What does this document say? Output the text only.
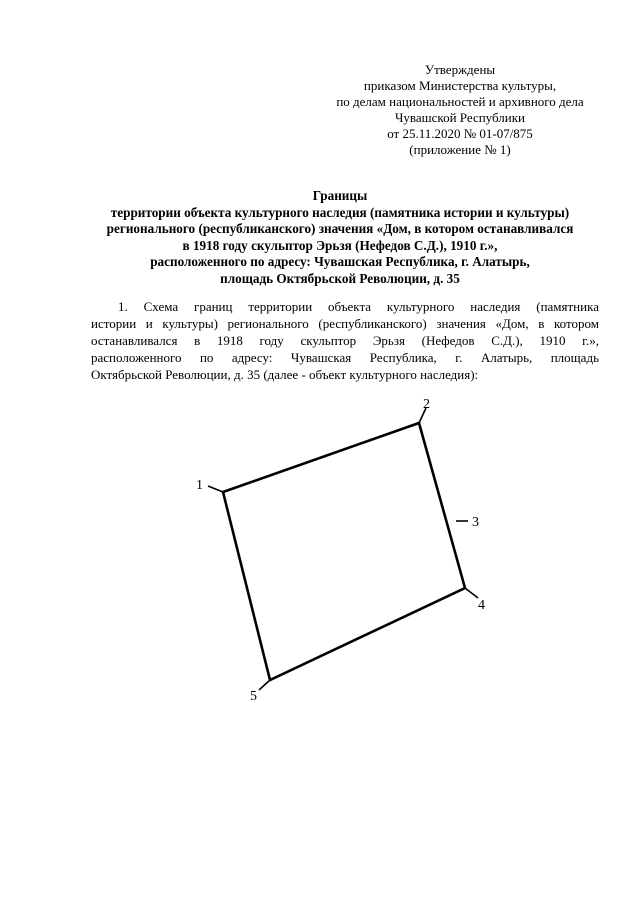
Утверждены
приказом Министерства культуры,
по делам национальностей и архивного дела
Чувашской Республики
от 25.11.2020 № 01-07/875
(приложение № 1)
Границы
территории объекта культурного наследия (памятника истории и культуры)
регионального (республиканского) значения «Дом, в котором останавливался
в 1918 году скульптор Эрьзя (Нефедов С.Д.), 1910 г.»,
расположенного по адресу: Чувашская Республика, г. Алатырь,
площадь Октябрьской Революции, д. 35
1. Схема границ территории объекта культурного наследия (памятника
истории и культуры) регионального (республиканского) значения «Дом, в котором
останавливался в 1918 году скульптор Эрьзя (Нефедов С.Д.), 1910 г.»,
расположенного по адресу: Чувашская Республика, г. Алатырь, площадь
Октябрьской Революции, д. 35 (далее - объект культурного наследия):
1
2
3
4
5
